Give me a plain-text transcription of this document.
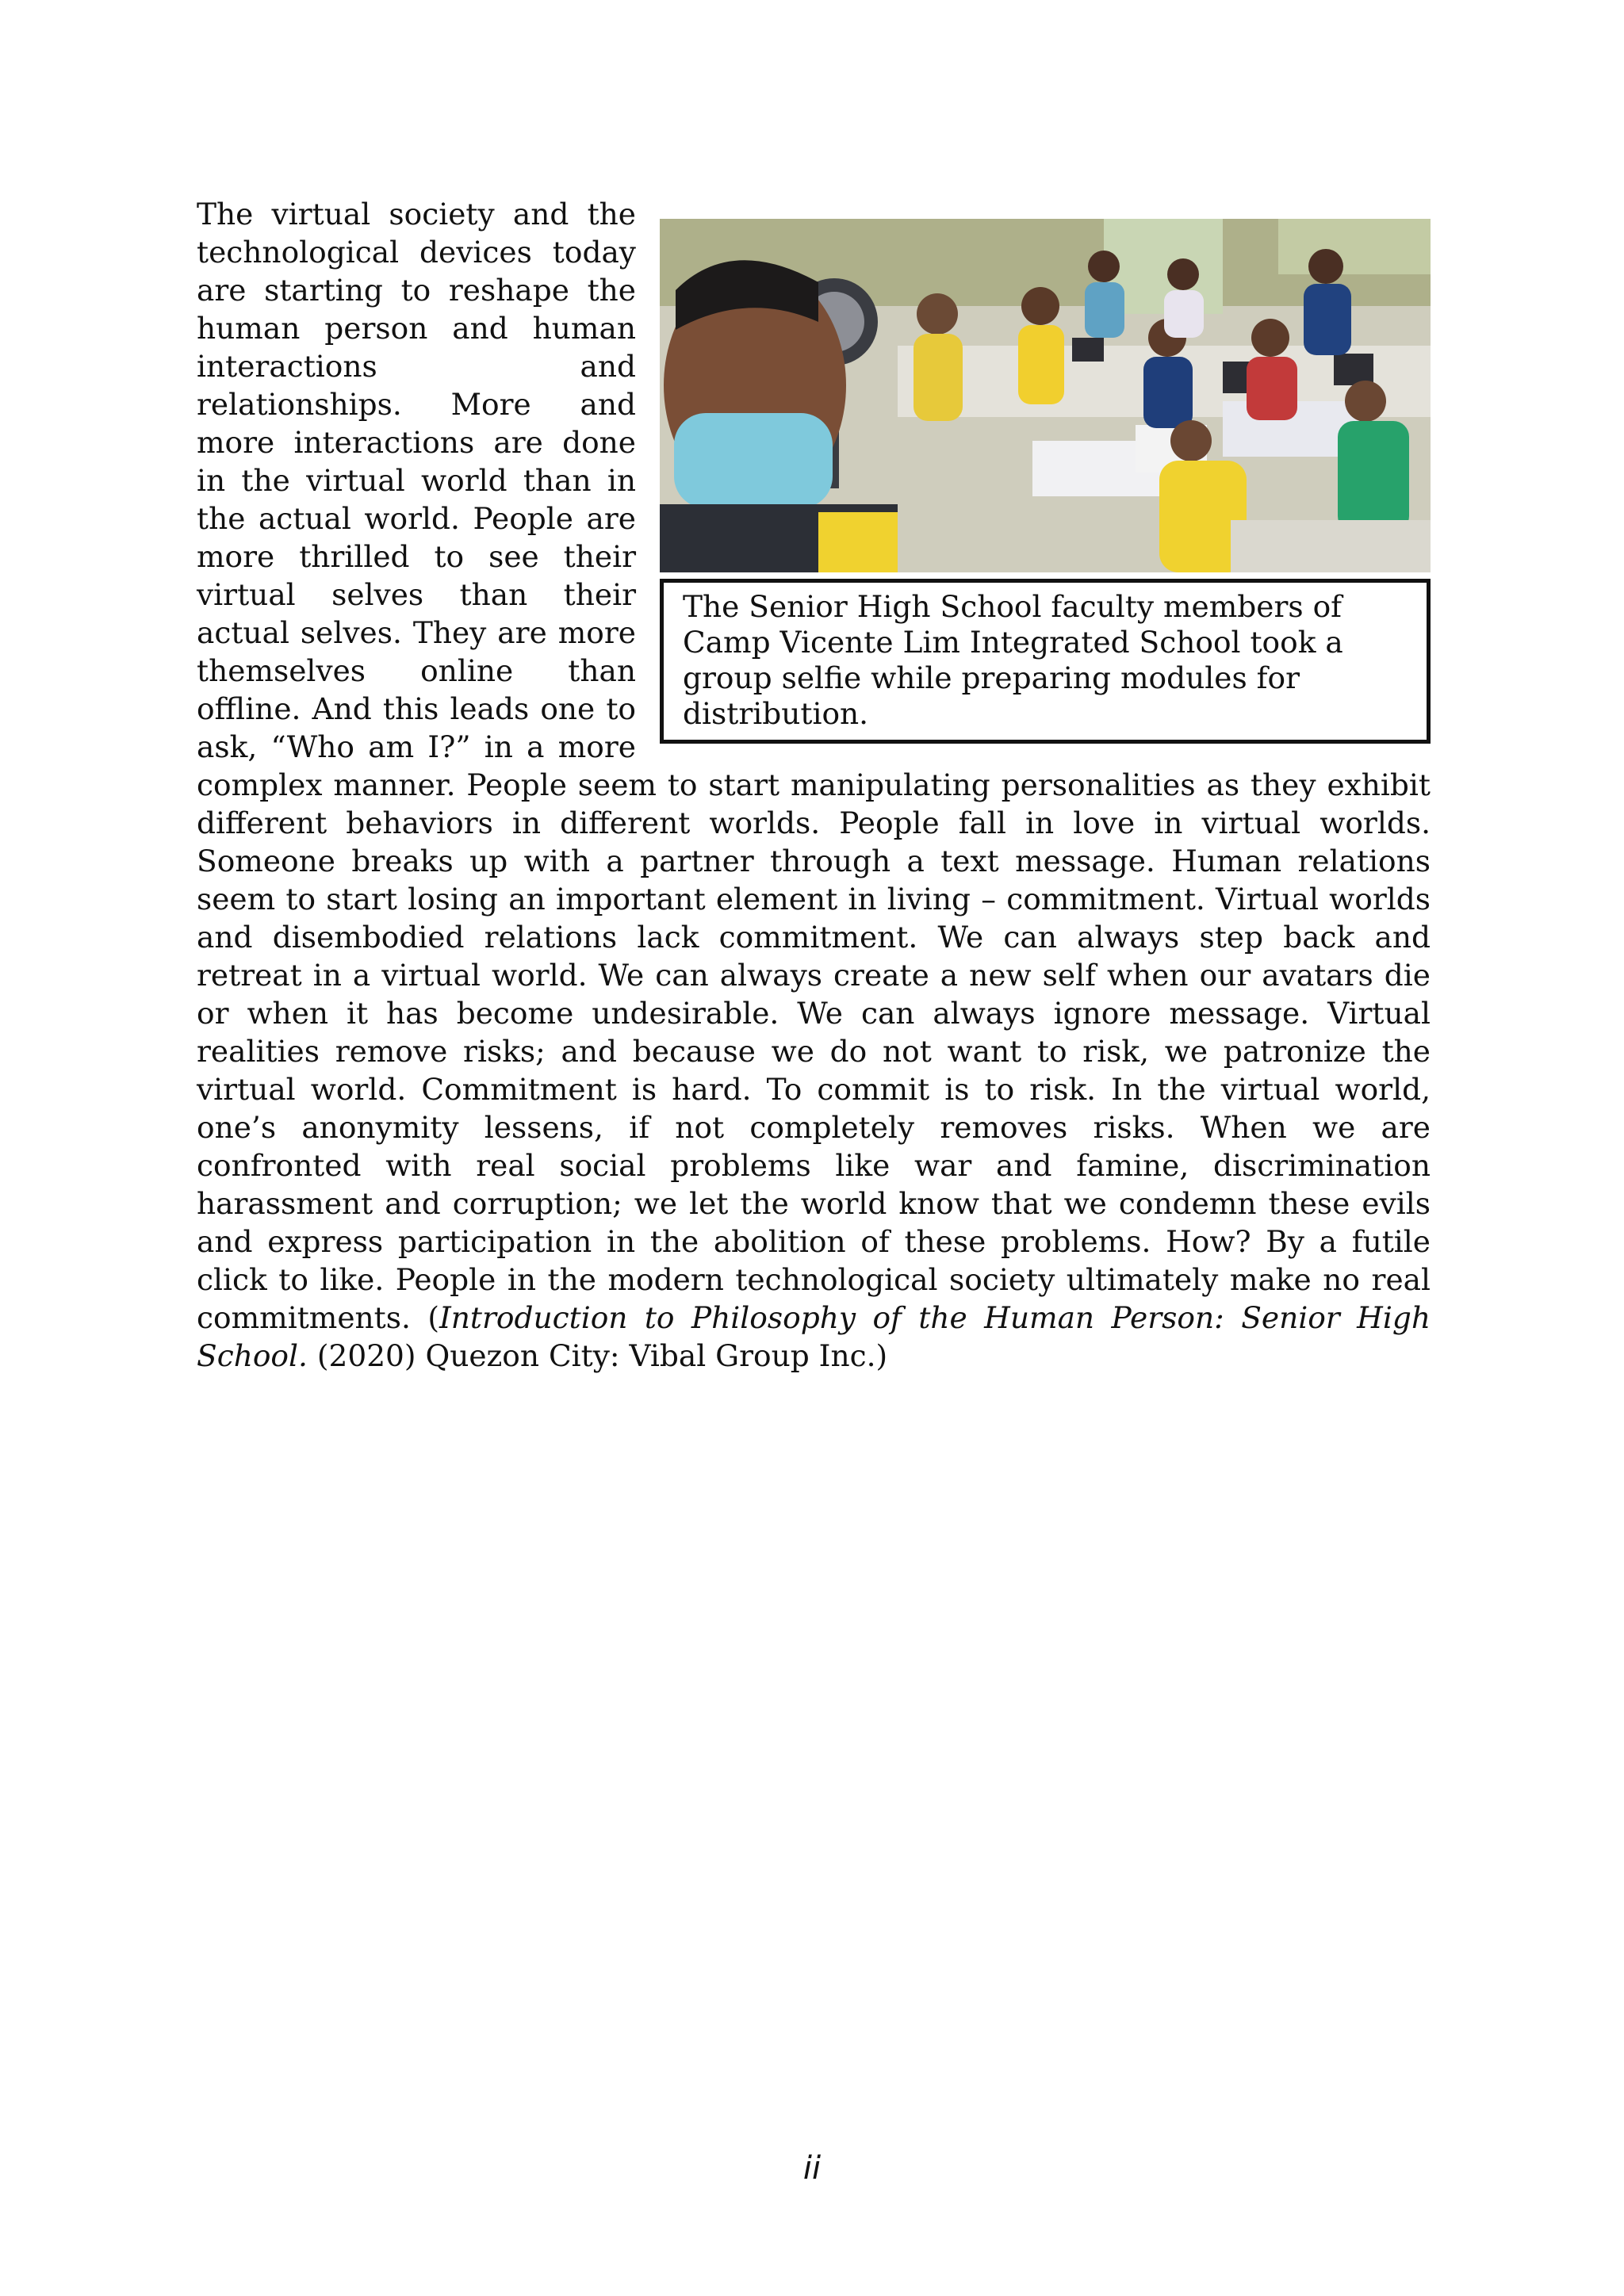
The Senior High School faculty members of Camp Vicente Lim Integrated School took a group selfie while preparing modules for distribution.
The virtual society and the technological devices today are starting to reshape the human person and human interactions and relationships. More and more interactions are done in the virtual world than in the actual world. People are more thrilled to see their virtual selves than their actual selves. They are more themselves online than offline. And this leads one to ask, “Who am I?” in a more complex manner. People seem to start manipulating personalities as they exhibit different behaviors in different worlds. People fall in love in virtual worlds. Someone breaks up with a partner through a text message. Human relations seem to start losing an important element in living – commitment. Virtual worlds and disembodied relations lack commitment. We can always step back and retreat in a virtual world. We can always create a new self when our avatars die or when it has become undesirable. We can always ignore message. Virtual realities remove risks; and because we do not want to risk, we patronize the virtual world. Commitment is hard. To commit is to risk. In the virtual world, one’s anonymity lessens, if not completely removes risks. When we are confronted with real social problems like war and famine, discrimination harassment and corruption; we let the world know that we condemn these evils and express participation in the abolition of these problems. How? By a futile click to like. People in the modern technological society ultimately make no real commitments. (Introduction to Philosophy of the Human Person: Senior High School. (2020) Quezon City: Vibal Group Inc.)
ii
